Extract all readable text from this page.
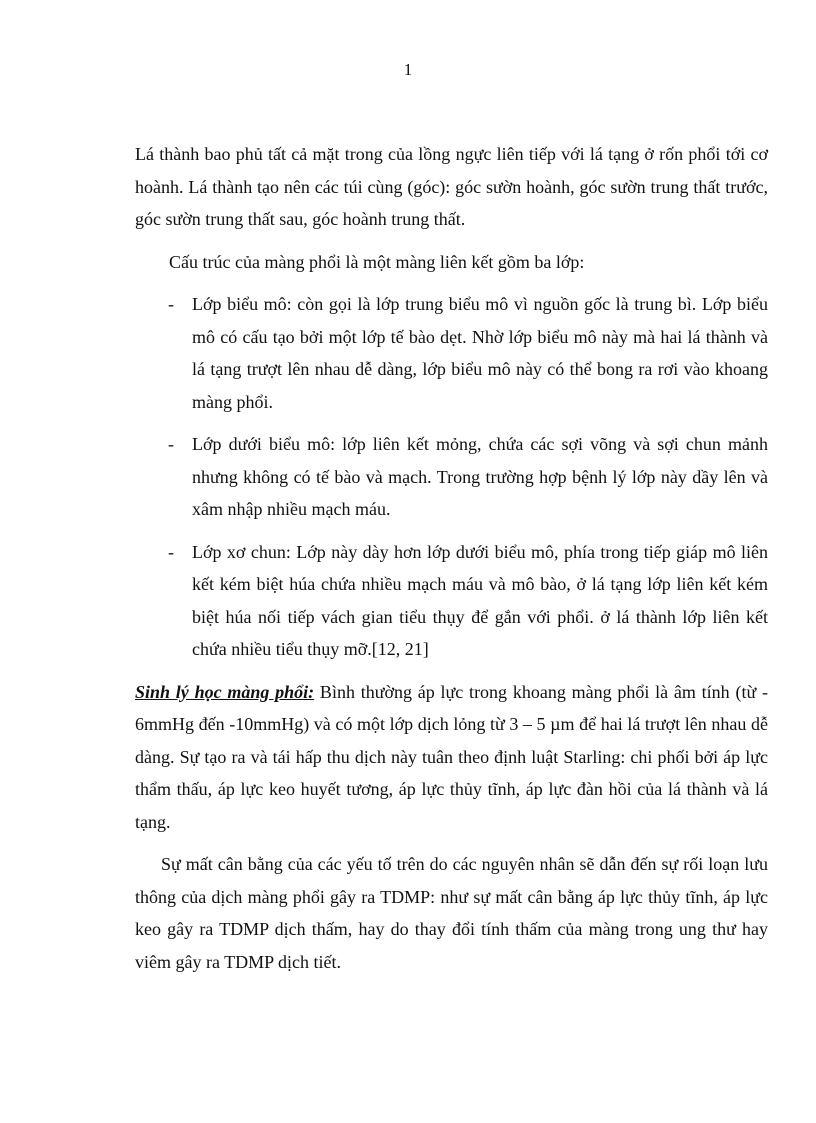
1

Lá thành bao phủ tất cả mặt trong của lồng ngực liên tiếp với lá tạng ở rốn phổi tới cơ hoành. Lá thành tạo nên các túi cùng (góc): góc sườn hoành, góc sườn trung thất trước, góc sườn trung thất sau, góc hoành trung thất.

Cấu trúc của màng phổi là một màng liên kết gồm ba lớp:

- Lớp biểu mô: còn gọi là lớp trung biểu mô vì nguồn gốc là trung bì. Lớp biểu mô có cấu tạo bởi một lớp tế bào dẹt. Nhờ lớp biểu mô này mà hai lá thành và lá tạng trượt lên nhau dễ dàng, lớp biểu mô này có thể bong ra rơi vào khoang màng phổi.
- Lớp dưới biểu mô: lớp liên kết mỏng, chứa các sợi võng và sợi chun mảnh nhưng không có tế bào và mạch. Trong trường hợp bệnh lý lớp này dầy lên và xâm nhập nhiều mạch máu.
- Lớp xơ chun: Lớp này dày hơn lớp dưới biểu mô, phía trong tiếp giáp mô liên kết kém biệt húa chứa nhiều mạch máu và mô bào, ở lá tạng lớp liên kết kém biệt húa nối tiếp vách gian tiểu thụy để gắn với phổi. ở lá thành lớp liên kết chứa nhiều tiểu thụy mỡ.[12, 21]

Sinh lý học màng phổi: Bình thường áp lực trong khoang màng phổi là âm tính (từ - 6mmHg đến -10mmHg) và có một lớp dịch lỏng từ 3 – 5 µm để hai lá trượt lên nhau dễ dàng. Sự tạo ra và tái hấp thu dịch này tuân theo định luật Starling: chi phối bởi áp lực thẩm thấu, áp lực keo huyết tương, áp lực thủy tĩnh, áp lực đàn hồi của lá thành và lá tạng.

Sự mất cân bằng của các yếu tố trên do các nguyên nhân sẽ dẫn đến sự rối loạn lưu thông của dịch màng phổi gây ra TDMP: như sự mất cân bằng áp lực thủy tĩnh, áp lực keo gây ra TDMP dịch thấm, hay do thay đổi tính thấm của màng trong ung thư hay viêm gây ra TDMP dịch tiết.
